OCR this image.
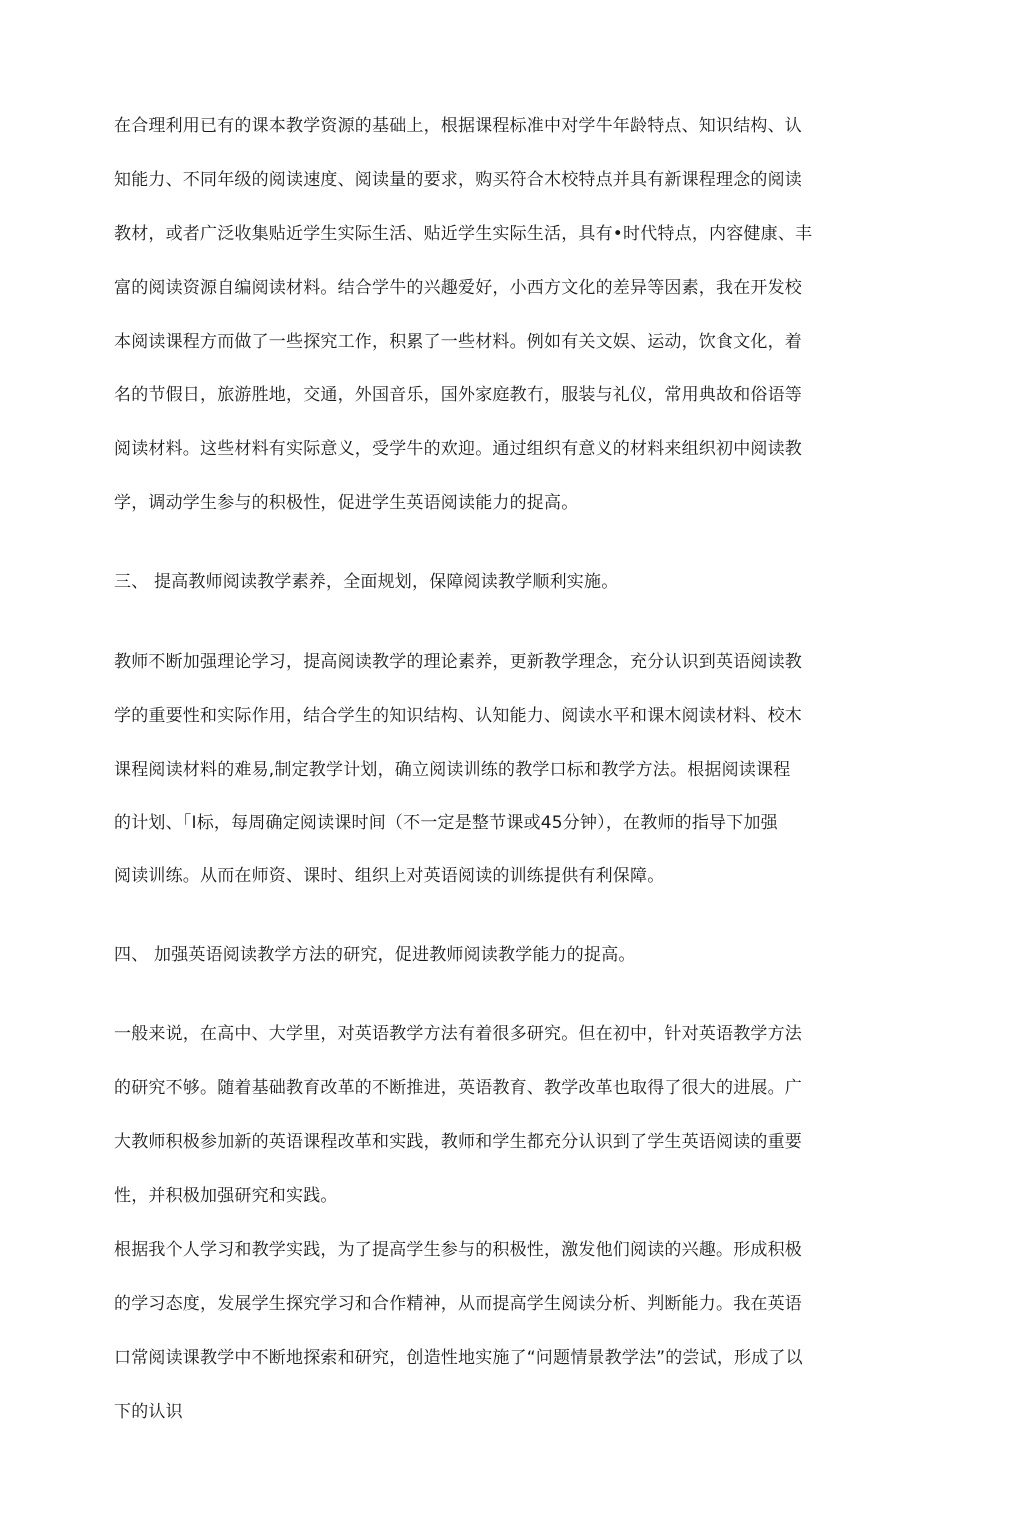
在合理利用已有的课本教学资源的基础上，根据课程标准中对学牛年龄特点、知识结构、认
知能力、不同年级的阅读速度、阅读量的要求，购买符合木校特点并具有新课程理念的阅读
教材，或者广泛收集贴近学生实际生活、贴近学生实际生活，具有•时代特点，内容健康、丰
富的阅读资源自编阅读材料。结合学牛的兴趣爱好，小西方文化的差异等因素，我在开发校
本阅读课程方而做了一些探究工作，积累了一些材料。例如有关文娱、运动，饮食文化，着
名的节假日，旅游胜地，交通，外国音乐，国外家庭教冇，服装与礼仪，常用典故和俗语等
阅读材料。这些材料有实际意义，受学牛的欢迎。通过组织有意义的材料来组织初中阅读教
学，调动学生参与的积极性，促进学生英语阅读能力的捉高。
三、 提高教师阅读教学素养，全面规划，保障阅读教学顺利实施。
教师不断加强理论学习，提高阅读教学的理论素养，更新教学理念，充分认识到英语阅读教
学的重要性和实际作用，结合学生的知识结构、认知能力、阅读水平和课木阅读材料、校木
课程阅读材料的难易,制定教学计划，确立阅读训练的教学口标和教学方法。根据阅读课程
的计划、「I标，每周确定阅读课时间（不一定是整节课或45分钟），在教师的指导下加强
阅读训练。从而在师资、课时、组织上对英语阅读的训练提供有利保障。
四、 加强英语阅读教学方法的研究，促进教师阅读教学能力的捉高。
一般来说，在高中、大学里，对英语教学方法有着很多研究。但在初中，针对英语教学方法
的研究不够。随着基础教育改革的不断推进，英语教育、教学改革也取得了很大的进展。广
大教师积极参加新的英语课程改革和实践，教师和学生都充分认识到了学生英语阅读的重要
性，并积极加强研究和实践。
根据我个人学习和教学实践，为了提高学生参与的积极性，激发他们阅读的兴趣。形成积极
的学习态度，发展学生探究学习和合作精神，从而提高学生阅读分析、判断能力。我在英语
口常阅读课教学中不断地探索和研究，创造性地实施了“问题情景教学法”的尝试，形成了以
下的认识
